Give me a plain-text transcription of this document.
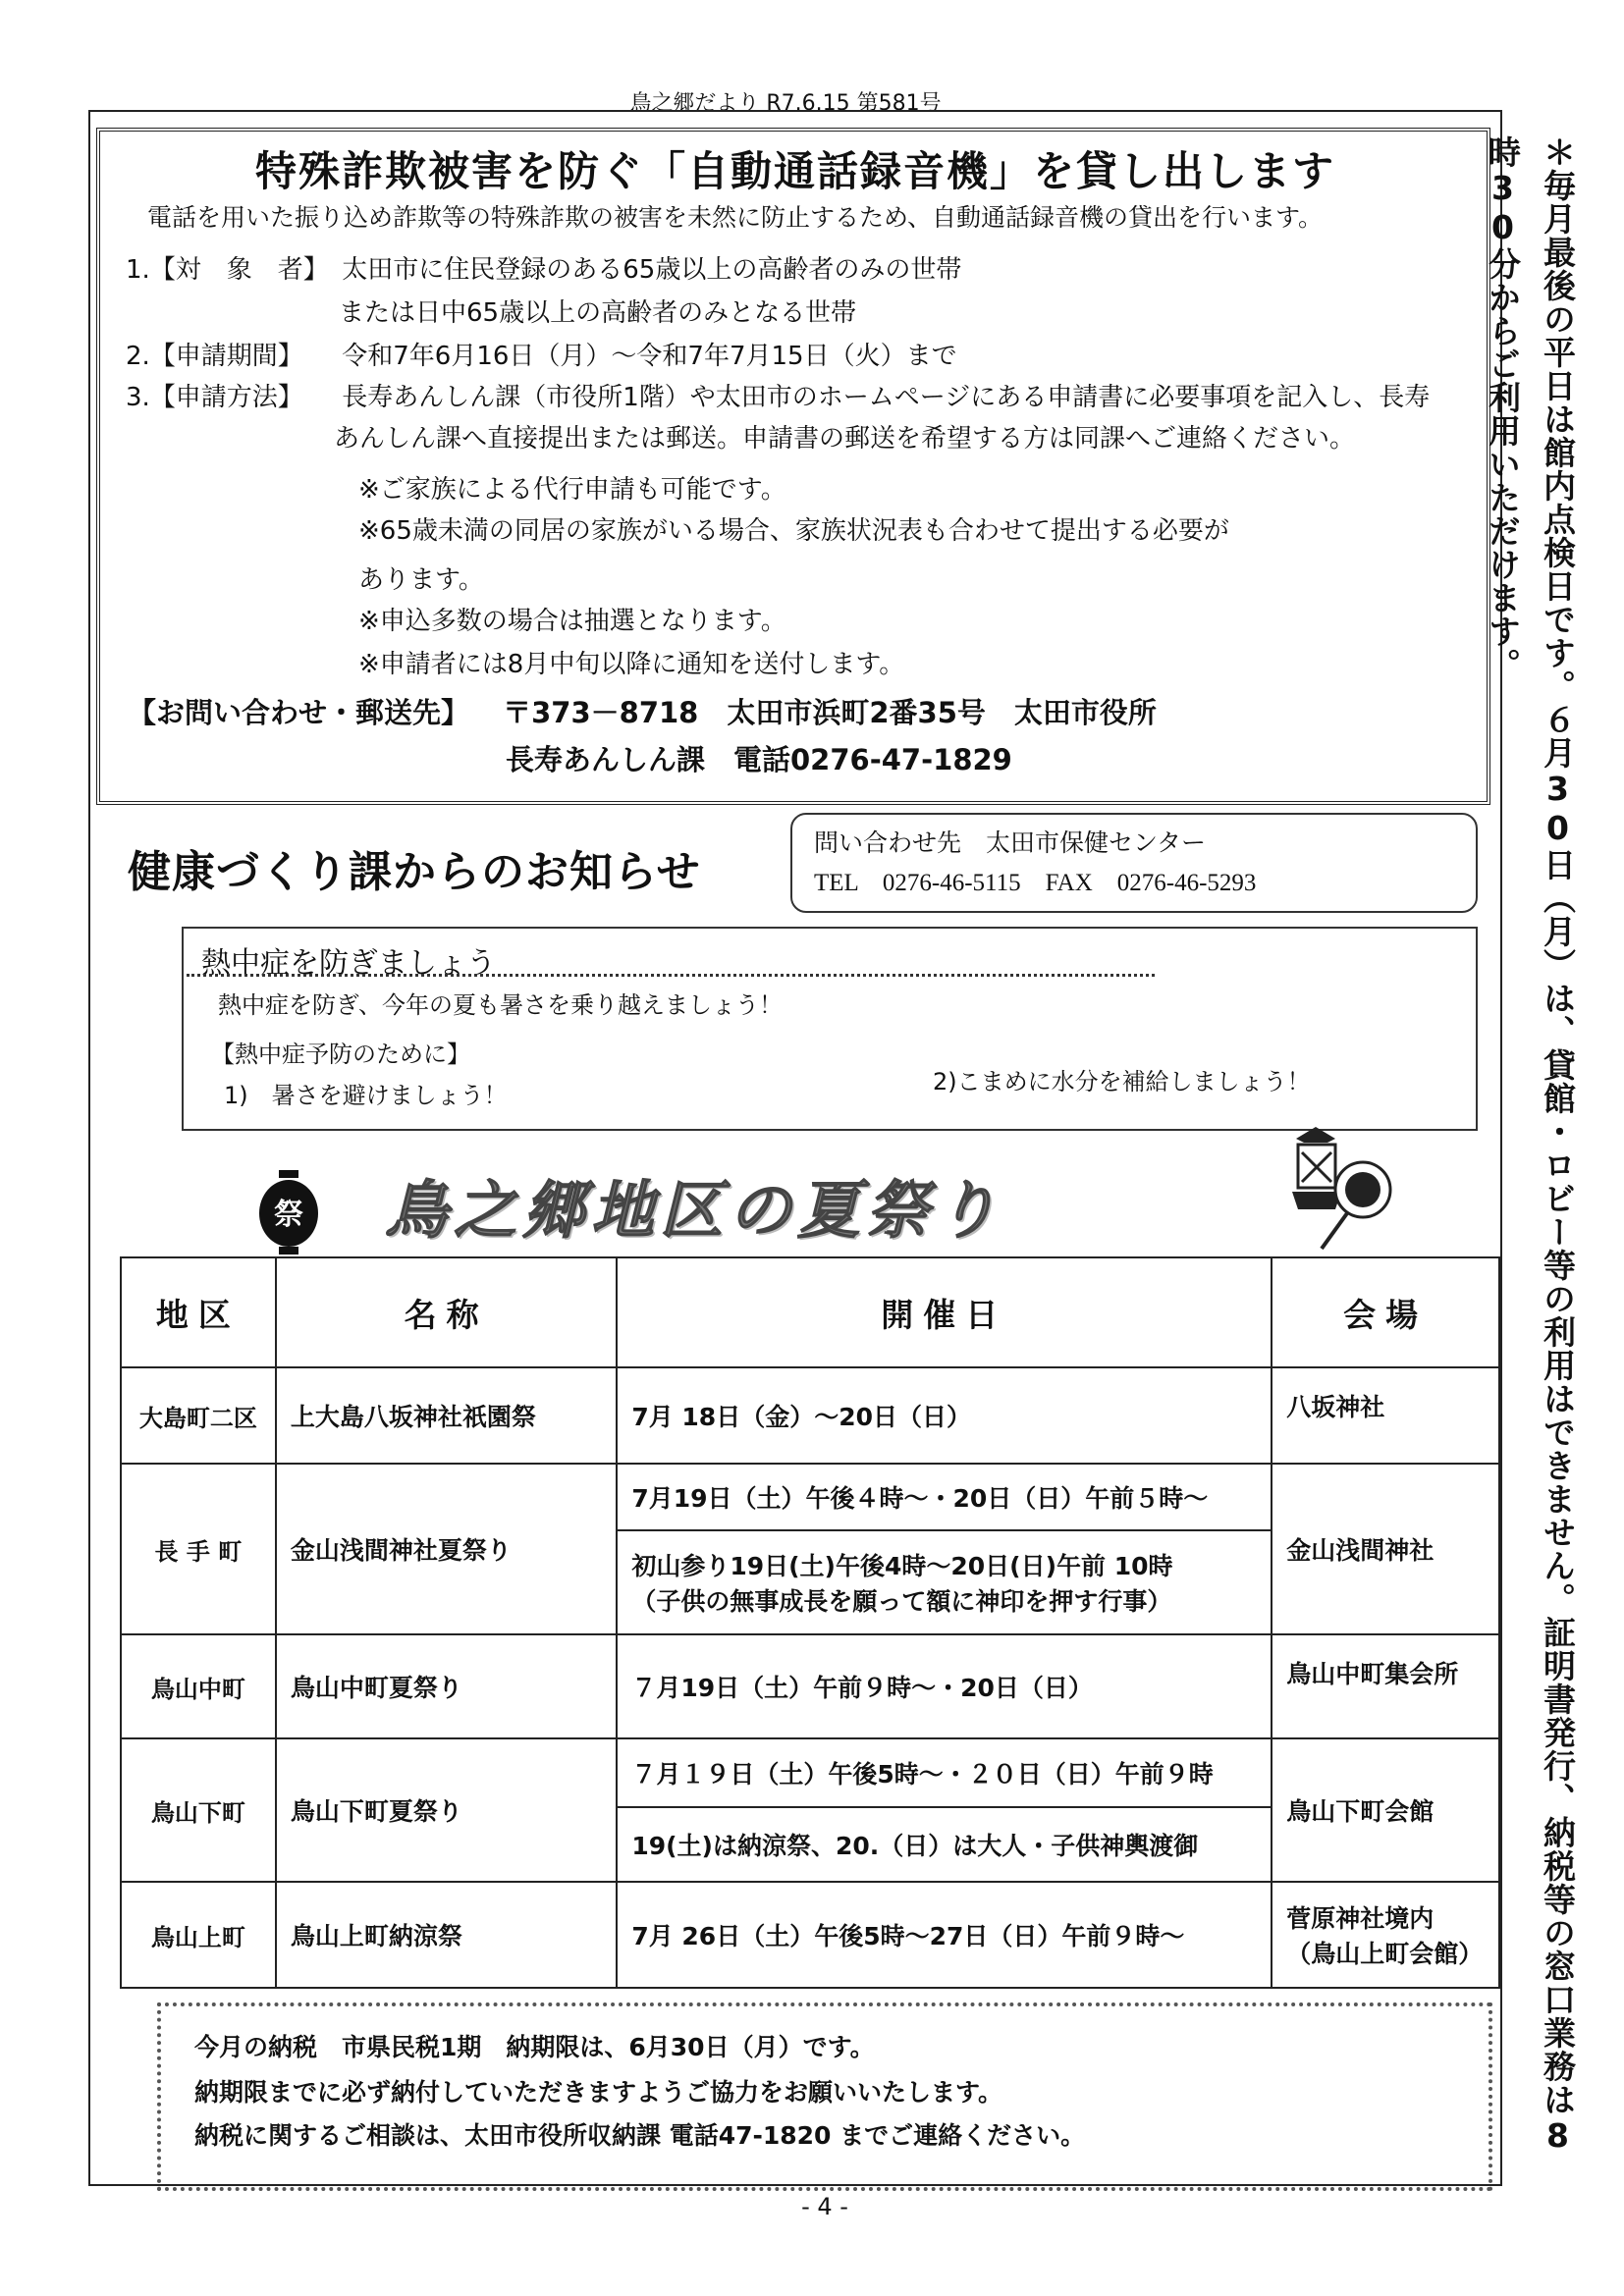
鳥之郷だより R7.6.15 第581号
特殊詐欺被害を防ぐ「自動通話録音機」を貸し出します
電話を用いた振り込め詐欺等の特殊詐欺の被害を未然に防止するため、自動通話録音機の貸出を行います。
1.【対　象　者】 太田市に住民登録のある65歳以上の高齢者のみの世帯
または日中65歳以上の高齢者のみとなる世帯
2.【申請期間】 令和7年6月16日（月）～令和7年7月15日（火）まで
3.【申請方法】 長寿あんしん課（市役所1階）や太田市のホームページにある申請書に必要事項を記入し、長寿
あんしん課へ直接提出または郵送。申請書の郵送を希望する方は同課へご連絡ください。
※ご家族による代行申請も可能です。
※65歳未満の同居の家族がいる場合、家族状況表も合わせて提出する必要が
あります。
※申込多数の場合は抽選となります。
※申請者には8月中旬以降に通知を送付します。
【お問い合わせ・郵送先】 〒373－8718　太田市浜町2番35号　太田市役所
長寿あんしん課　電話0276-47-1829
健康づくり課からのお知らせ
問い合わせ先　太田市保健センター
TEL　0276-46-5115　FAX　0276-46-5293
熱中症を防ぎましょう
熱中症を防ぎ、今年の夏も暑さを乗り越えましょう！
【熱中症予防のために】
1)　暑さを避けましょう！	2)こまめに水分を補給しましょう！
祭 鳥之郷地区の夏祭り
地区	名称	開催日	会場
大島町二区	上大島八坂神社祇園祭	7月 18日（金）～20日（日）	八坂神社
長 手 町	金山浅間神社夏祭り	7月19日（土）午後４時～・20日（日）午前５時～	金山浅間神社

		初山参り19日(土)午後4時～20日(日)午前 10時
（子供の無事成長を願って額に神印を押す行事）	

鳥山中町	鳥山中町夏祭り	７月19日（土）午前９時～・20日（日）	鳥山中町集会所
鳥山下町	鳥山下町夏祭り	７月１９日（土）午後5時～・２０日（日）午前９時	鳥山下町会館
		19(土)は納涼祭、20.（日）は大人・子供神輿渡御	
鳥山上町	鳥山上町納涼祭	7月 26日（土）午後5時～27日（日）午前９時～	菅原神社境内
（鳥山上町会館）
今月の納税　市県民税1期　納期限は、6月30日（月）です。
納期限までに必ず納付していただきますようご協力をお願いいたします。
納税に関するご相談は、太田市役所収納課 電話47-1820 までご連絡ください。	＊毎月最後の平日は館内点検日です。６月30日（月）は、貸館・ロビー等の利用はできません。証明書発行、納税等の窓口業務は8時30分からご利用いただけます。
- 4 -
